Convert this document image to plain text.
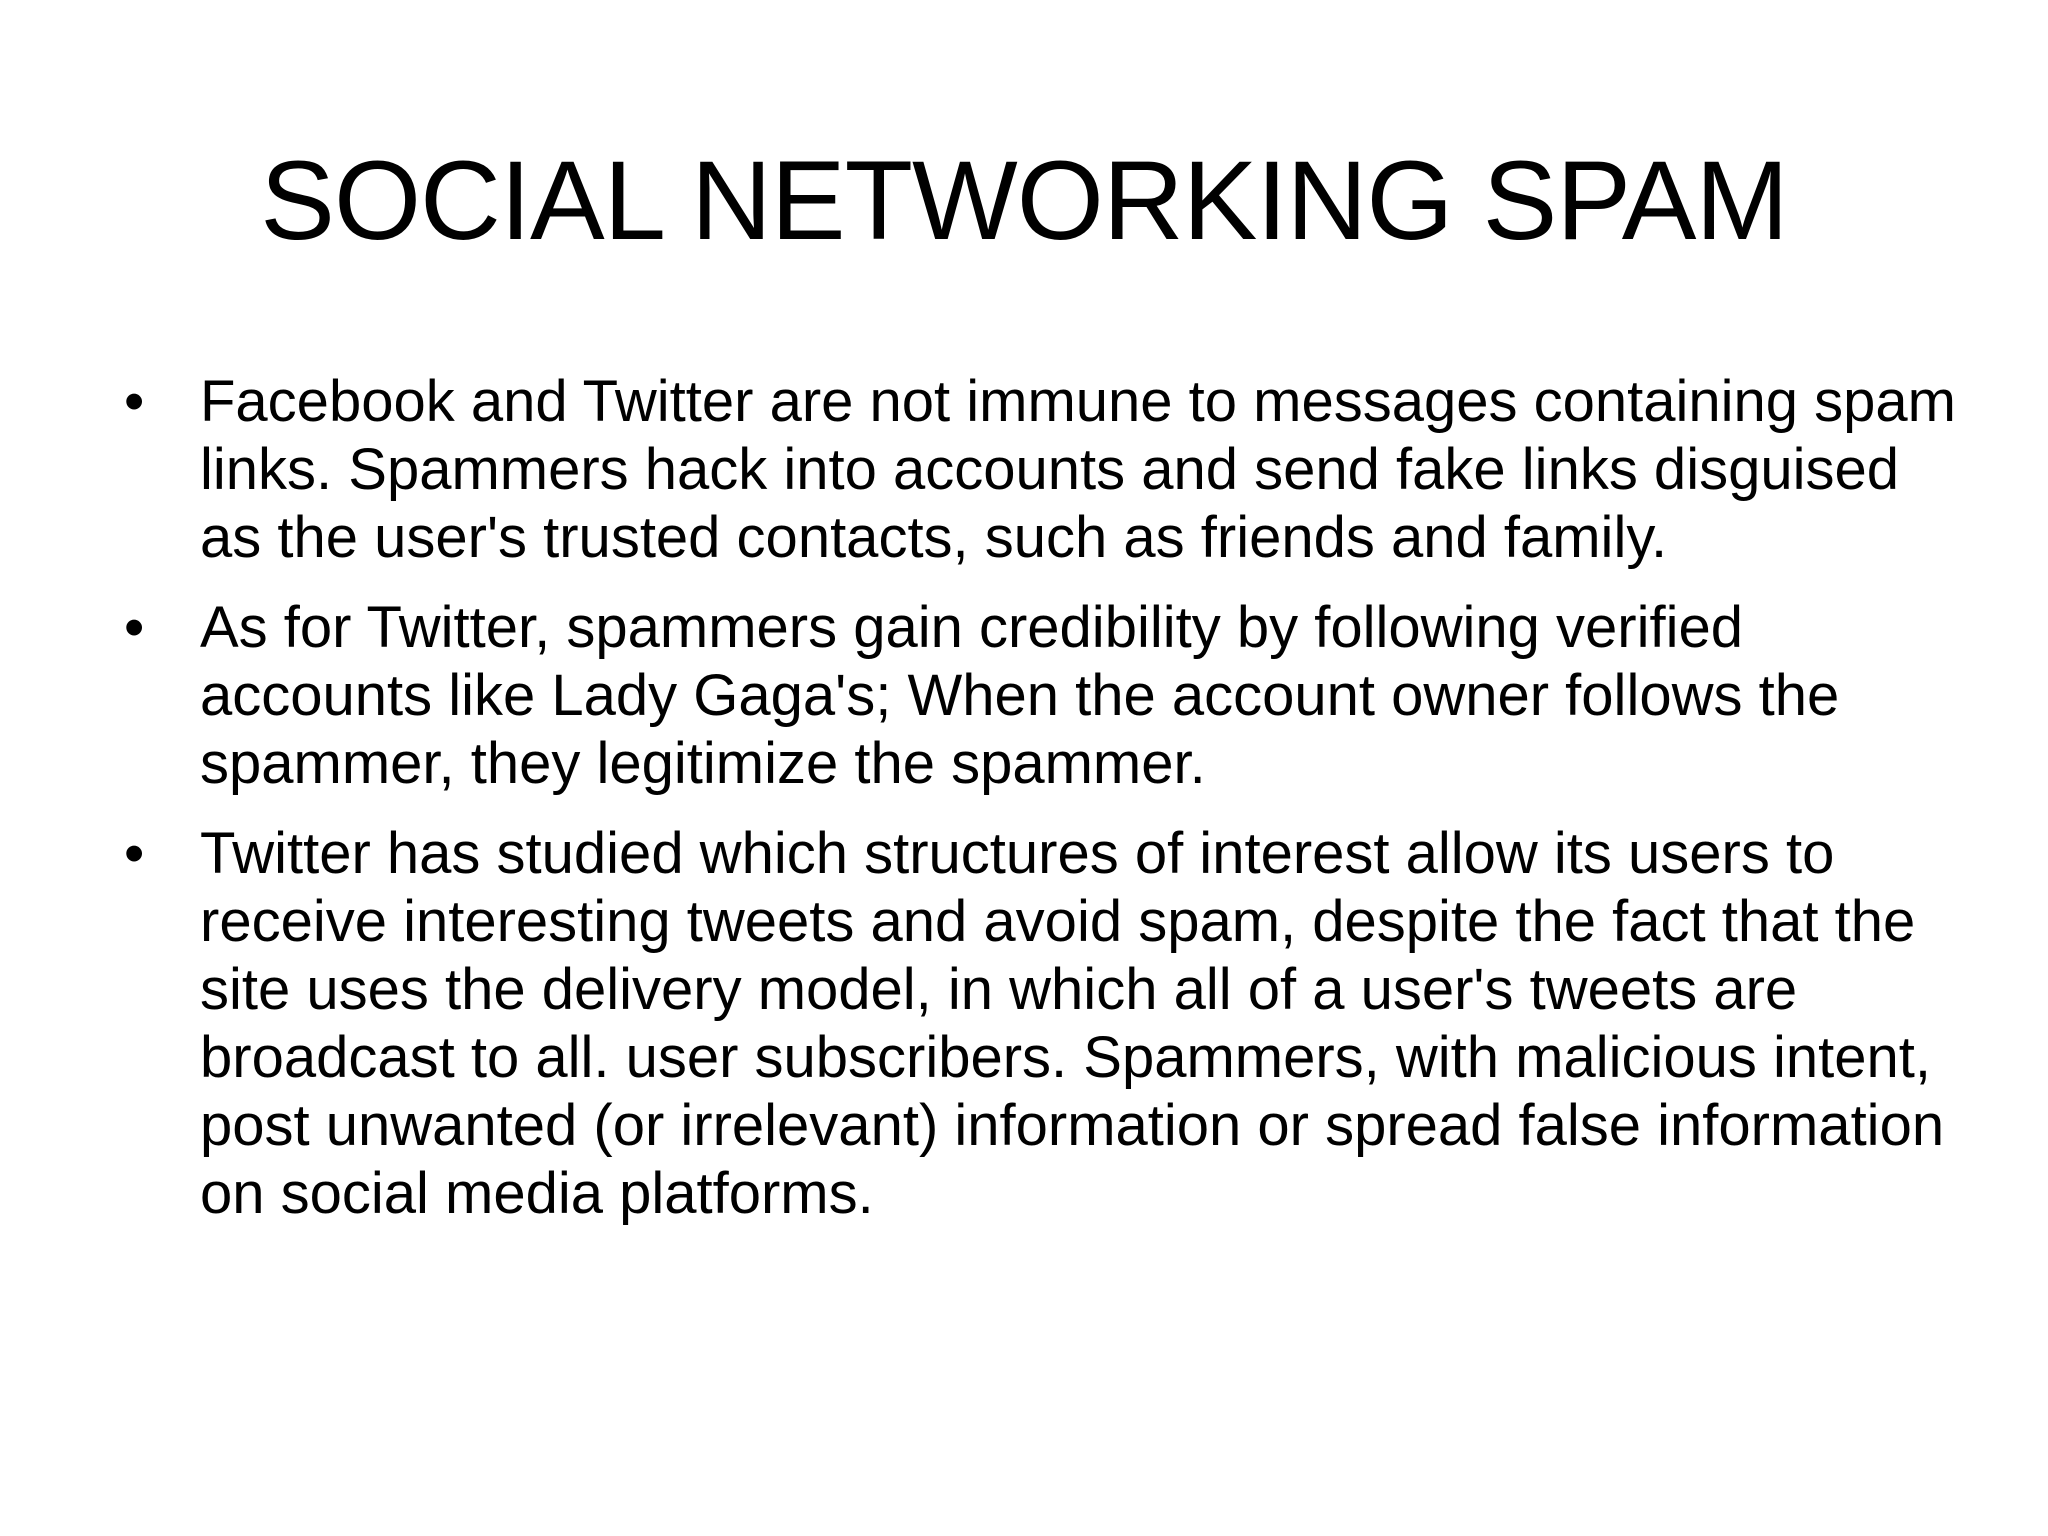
SOCIAL NETWORKING SPAM
• Facebook and Twitter are not immune to messages containing spam links. Spammers hack into accounts and send fake links disguised as the user's trusted contacts, such as friends and family.
• As for Twitter, spammers gain credibility by following verified accounts like Lady Gaga's; When the account owner follows the spammer, they legitimize the spammer.
• Twitter has studied which structures of interest allow its users to receive interesting tweets and avoid spam, despite the fact that the site uses the delivery model, in which all of a user's tweets are broadcast to all. user subscribers. Spammers, with malicious intent, post unwanted (or irrelevant) information or spread false information on social media platforms.
